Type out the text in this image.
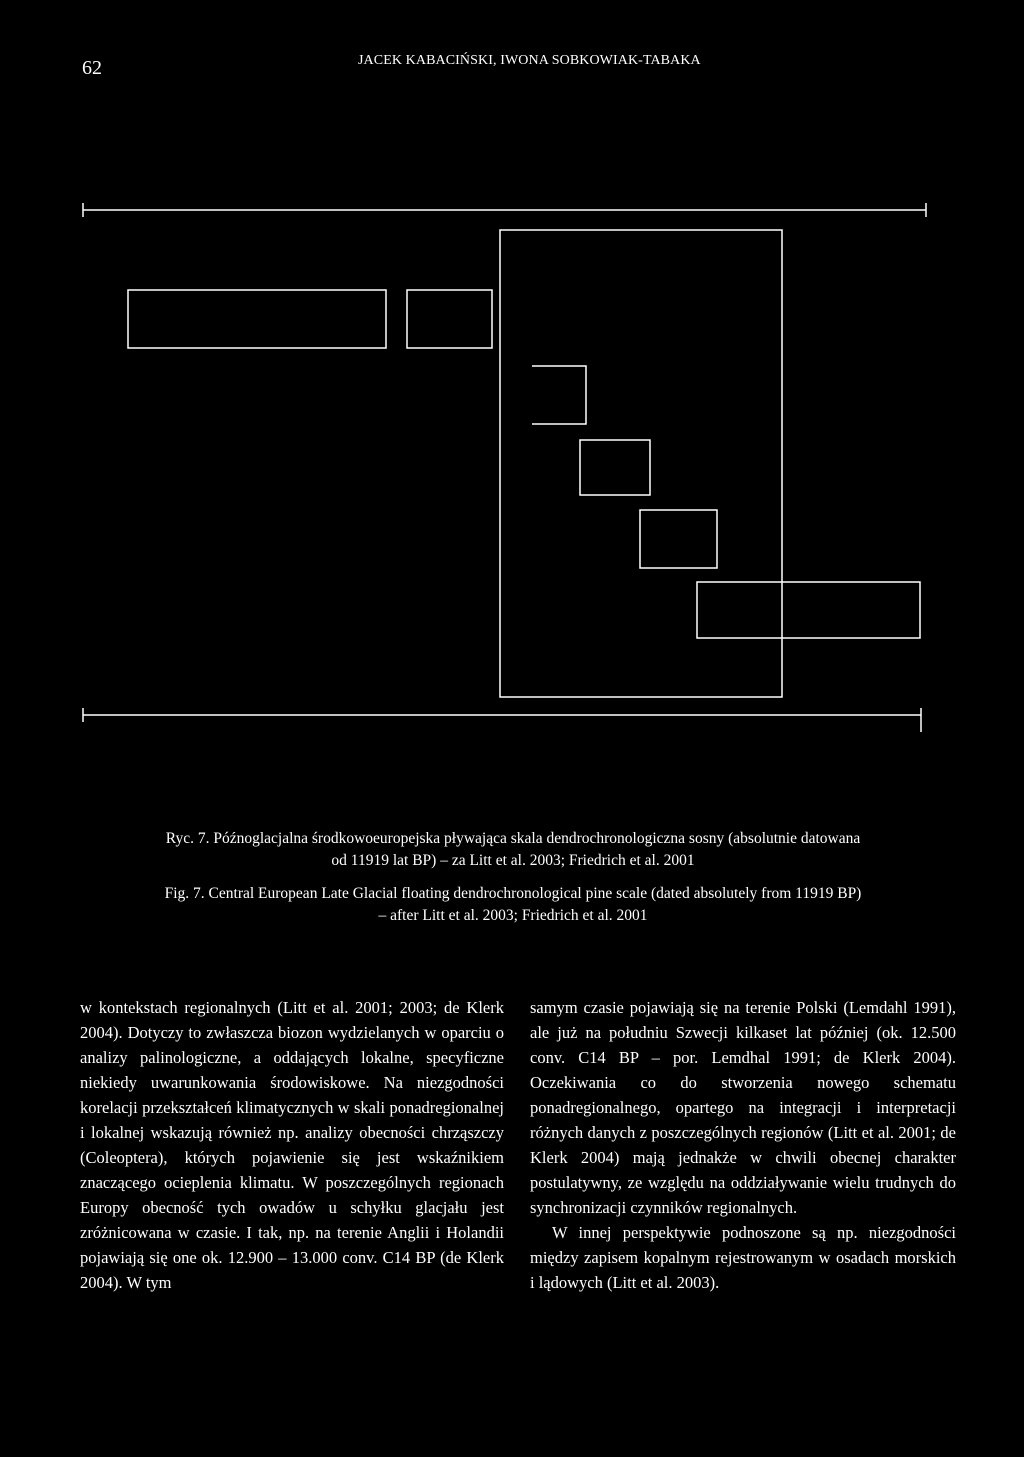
62	JACEK KABACIŃSKI, IWONA SOBKOWIAK-TABAKA

Ryc. 7. Późnoglacjalna środkowoeuropejska pływająca skala dendrochronologiczna sosny (absolutnie datowana

od 11919 lat BP) – za Litt et al. 2003; Friedrich et al. 2001

Fig. 7. Central European Late Glacial floating dendrochronological pine scale (dated absolutely from 11919 BP)

– after Litt et al. 2003; Friedrich et al. 2001

w kontekstach regionalnych (Litt et al. 2001; 2003; de Klerk 2004). Dotyczy to zwłaszcza biozon wydzielanych w oparciu o analizy palinologiczne, a oddających lokalne, specyficzne niekiedy uwarunkowania środowiskowe. Na niezgodności korelacji przekształceń klimatycznych w skali ponadregionalnej i lokalnej wskazują również np. analizy obecności chrząszczy (Coleoptera), których pojawienie się jest wskaźnikiem znaczącego ocieplenia klimatu. W poszczególnych regionach Europy obecność tych owadów u schyłku glacjału jest zróżnicowana w czasie. I tak, np. na terenie Anglii i Holandii pojawiają się one ok. 12.900 – 13.000 conv. C14 BP (de Klerk 2004). W tym

samym czasie pojawiają się na terenie Polski (Lemdahl 1991), ale już na południu Szwecji kilkaset lat później (ok. 12.500 conv. C14 BP – por. Lemdhal 1991; de Klerk 2004). Oczekiwania co do stworzenia nowego schematu ponadregionalnego, opartego na integracji i interpretacji różnych danych z poszczególnych regionów (Litt et al. 2001; de Klerk 2004) mają jednakże w chwili obecnej charakter postulatywny, ze względu na oddziaływanie wielu trudnych do synchronizacji czynników regionalnych.

W innej perspektywie podnoszone są np. niezgodności między zapisem kopalnym rejestrowanym w osadach morskich i lądowych (Litt et al. 2003).
